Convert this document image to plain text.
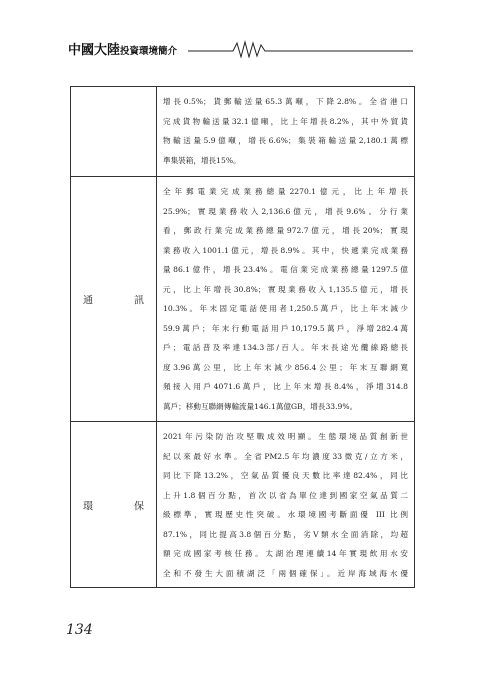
中國大陸投資環境簡介
增長0.5%；貨郵輸送量65.3萬噸，下降2.8%。全省港口
完成貨物輸送量32.1億噸，比上年增長8.2%，其中外貿貨
物輸送量5.9億噸，增長6.6%；集裝箱輸送量2,180.1萬標
準集裝箱，增長15%。
通	訊
全年郵電業完成業務總量2270.1億元，比上年增長
25.9%；實現業務收入2,136.6億元，增長9.6%。分行業
看，郵政行業完成業務總量972.7億元，增長20%；實現
業務收入1001.1億元，增長8.9%。其中，快遞業完成業務
量86.1億件，增長23.4%。電信業完成業務總量1297.5億
元，比上年增長30.8%；實現業務收入1,135.5億元，增長
10.3%。年末固定電話使用者1,250.5萬戶，比上年末減少
59.9萬戶；年末行動電話用戶10,179.5萬戶，淨增282.4萬
戶；電話普及率達134.3部/百人。年末長途光纜線路總長
度3.96萬公里，比上年末減少856.4公里；年末互聯網寬
頻接入用戶4071.6萬戶，比上年末增長8.4%，淨增314.8
萬戶；移動互聯網傳輸流量146.1萬億GB，增長33.9%。
環	保
2021年污染防治攻堅戰成效明顯。生態環境品質創新世
紀以來最好水準。全省PM2.5年均濃度33微克/立方米，
同比下降13.2%，空氣品質優良天數比率達82.4%，同比
上升1.8個百分點，首次以省為單位達到國家空氣品質二
級標準，實現歷史性突破。水環境國考斷面優 III 比例
87.1%，同比提高3.8個百分點，劣Ⅴ類水全面消除，均超
額完成國家考核任務。太湖治理連續14年實現飲用水安
全和不發生大面積湖泛「兩個確保」。近岸海域海水優
134
